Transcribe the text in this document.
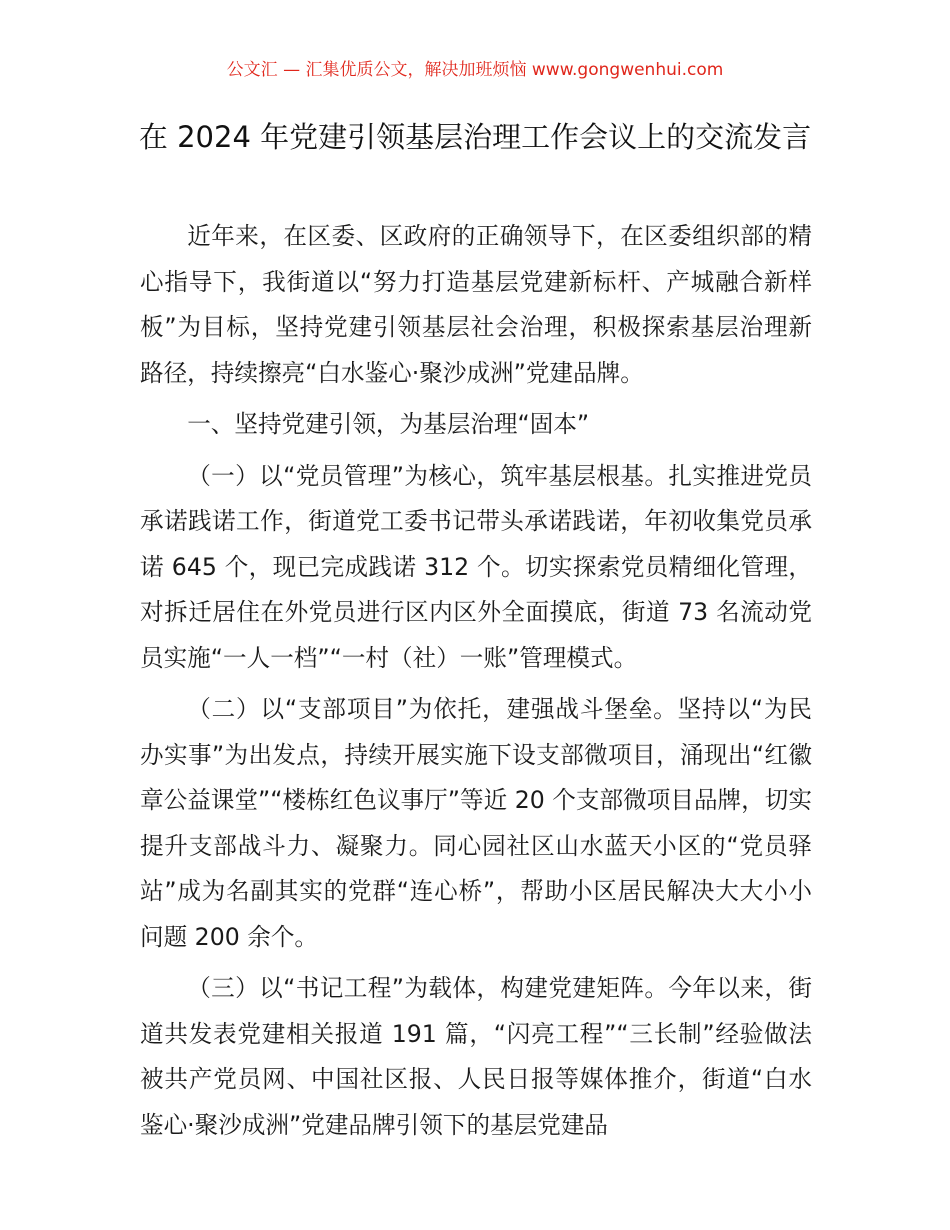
公文汇 — 汇集优质公文，解决加班烦恼 www.gongwenhui.com
在 2024 年党建引领基层治理工作会议上的交流发言

近年来，在区委、区政府的正确领导下，在区委组织部的精心指导下，我街道以“努力打造基层党建新标杆、产城融合新样板”为目标，坚持党建引领基层社会治理，积极探索基层治理新路径，持续擦亮“白水鉴心·聚沙成洲”党建品牌。

一、坚持党建引领，为基层治理“固本”

（一）以“党员管理”为核心，筑牢基层根基。扎实推进党员承诺践诺工作，街道党工委书记带头承诺践诺，年初收集党员承诺 645 个，现已完成践诺 312 个。切实探索党员精细化管理，对拆迁居住在外党员进行区内区外全面摸底，街道 73 名流动党员实施“一人一档”“一村（社）一账”管理模式。

（二）以“支部项目”为依托，建强战斗堡垒。坚持以“为民办实事”为出发点，持续开展实施下设支部微项目，涌现出“红徽章公益课堂”“楼栋红色议事厅”等近 20 个支部微项目品牌，切实提升支部战斗力、凝聚力。同心园社区山水蓝天小区的“党员驿站”成为名副其实的党群“连心桥”，帮助小区居民解决大大小小问题 200 余个。

（三）以“书记工程”为载体，构建党建矩阵。今年以来，街道共发表党建相关报道 191 篇，“闪亮工程”“三长制”经验做法被共产党员网、中国社区报、人民日报等媒体推介，街道“白水鉴心·聚沙成洲”党建品牌引领下的基层党建品
